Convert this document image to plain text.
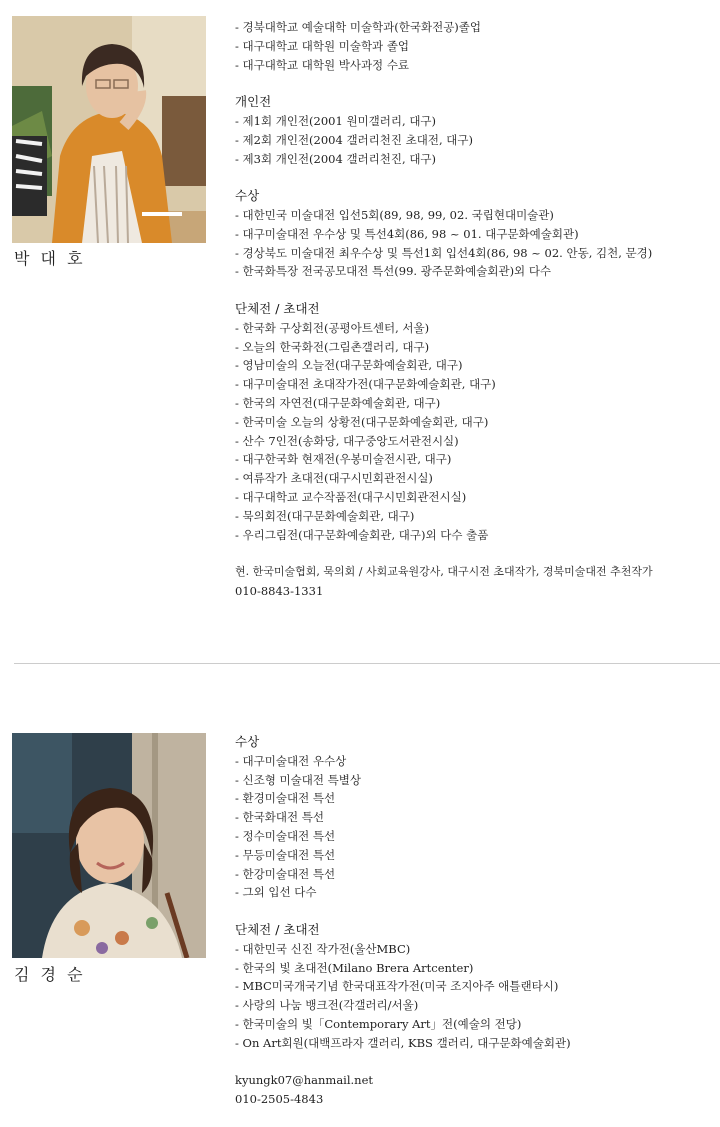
박 대 호
- 경북대학교 예술대학 미술학과(한국화전공)졸업
- 대구대학교 대학원 미술학과 졸업
- 대구대학교 대학원 박사과정 수료
개인전
- 제1회 개인전(2001 원미갤러리, 대구)
- 제2회 개인전(2004 갤러리천진 초대전, 대구)
- 제3회 개인전(2004 갤러리천진, 대구)
수상
- 대한민국 미술대전 입선5회(89, 98, 99, 02. 국립현대미술관)
- 대구미술대전 우수상 및 특선4회(86, 98 ~ 01. 대구문화예술회관)
- 경상북도 미술대전 최우수상 및 특선1회 입선4회(86, 98 ~ 02. 안동, 김천, 문경)
- 한국화특장 전국공모대전 특선(99. 광주문화예술회관)외 다수
단체전 / 초대전
- 한국화 구상회전(공평아트센터, 서울)
- 오늘의 한국화전(그림촌갤러리, 대구)
- 영남미술의 오늘전(대구문화예술회관, 대구)
- 대구미술대전 초대작가전(대구문화예술회관, 대구)
- 한국의 자연전(대구문화예술회관, 대구)
- 한국미술 오늘의 상황전(대구문화예술회관, 대구)
- 산수 7인전(송화당, 대구중앙도서관전시실)
- 대구한국화 현재전(우봉미술전시관, 대구)
- 여류작가 초대전(대구시민회관전시실)
- 대구대학교 교수작품전(대구시민회관전시실)
- 묵의회전(대구문화예술회관, 대구)
- 우리그림전(대구문화예술회관, 대구)외 다수 출품
현. 한국미술협회, 묵의회 / 사회교육원강사, 대구시전 초대작가, 경북미술대전 추천작가
010-8843-1331
김 경 순
수상
- 대구미술대전 우수상
- 신조형 미술대전 특별상
- 환경미술대전 특선
- 한국화대전 특선
- 정수미술대전 특선
- 무등미술대전 특선
- 한강미술대전 특선
- 그외 입선 다수
단체전 / 초대전
- 대한민국 신진 작가전(울산MBC)
- 한국의 빛 초대전(Milano Brera Artcenter)
- MBC미국개국기념 한국대표작가전(미국 조지아주 애틀랜타시)
- 사랑의 나눔 뱅크전(각갤러리/서울)
- 한국미술의 빛「Contemporary Art」전(예술의 전당)
- On Art회원(대백프라자 갤러리, KBS 갤러리, 대구문화예술회관)
kyungk07@hanmail.net
010-2505-4843
